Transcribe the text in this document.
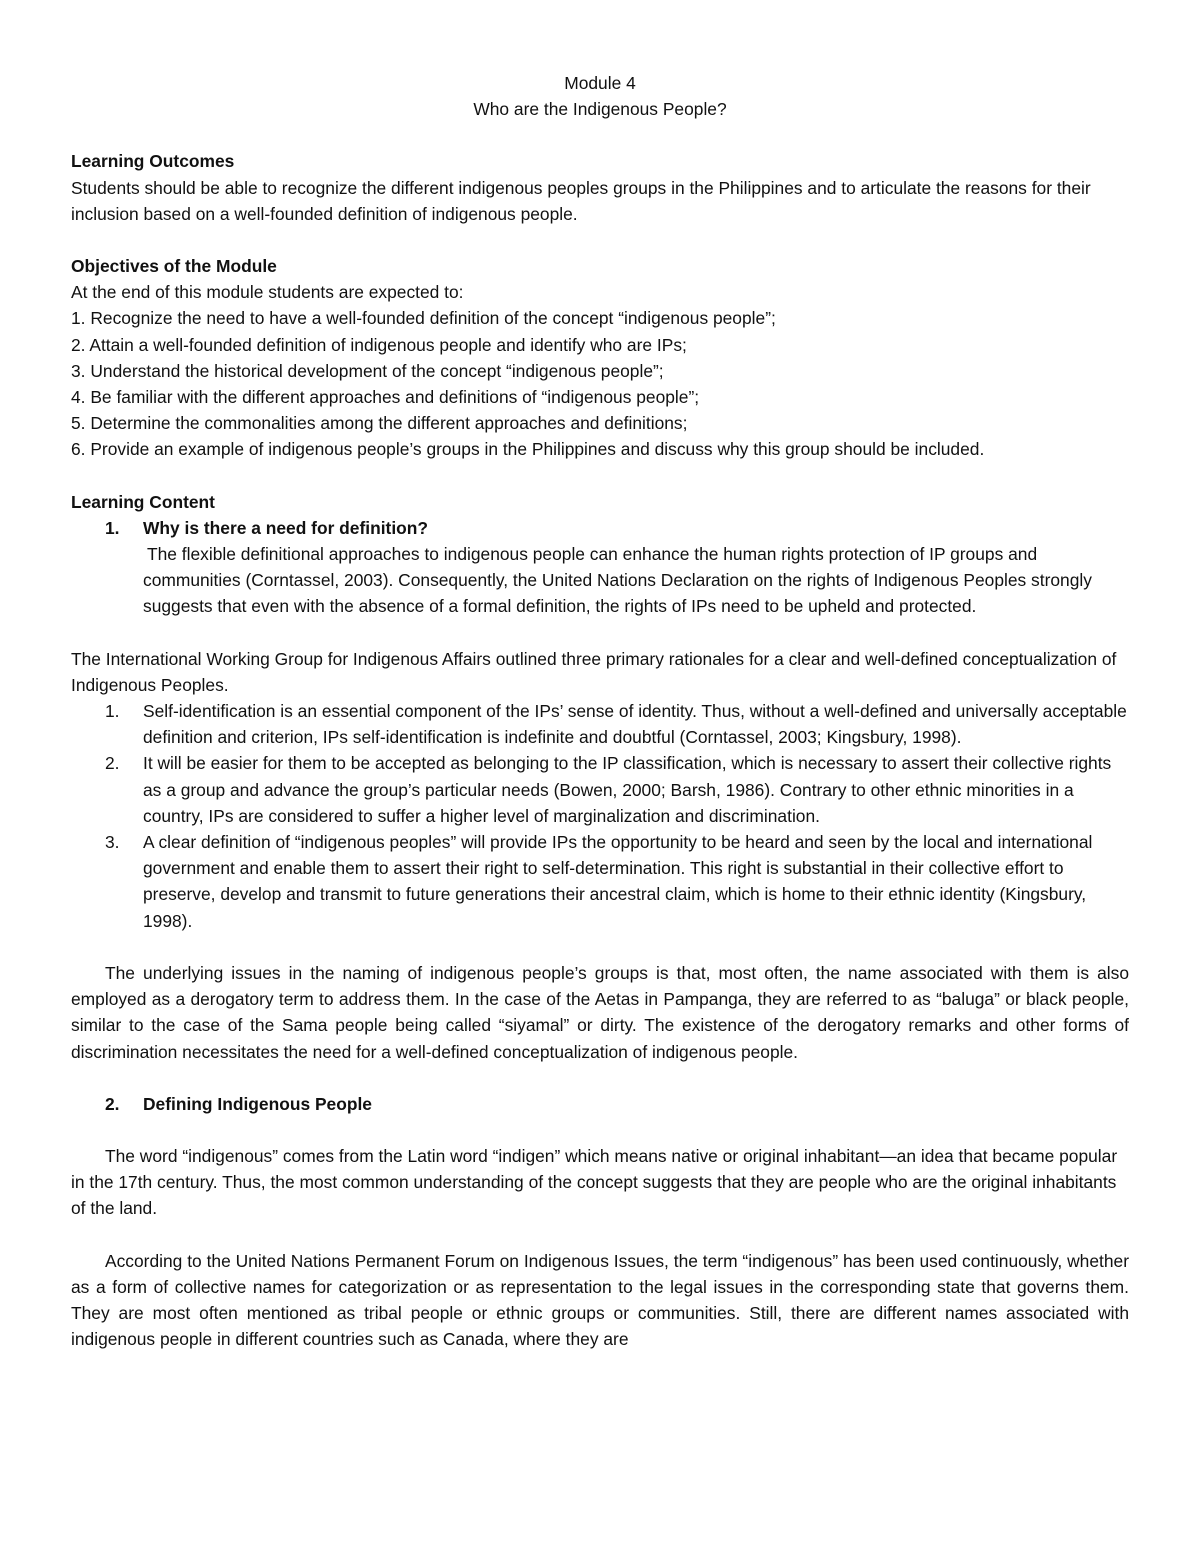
Module 4

Who are the Indigenous People?

Learning Outcomes

Students should be able to recognize the different indigenous peoples groups in the Philippines and to articulate the reasons for their inclusion based on a well-founded definition of indigenous people.

Objectives of the Module

At the end of this module students are expected to:

1. Recognize the need to have a well-founded definition of the concept “indigenous people”;

2. Attain a well-founded definition of indigenous people and identify who are IPs;

3. Understand the historical development of the concept “indigenous people”;

4. Be familiar with the different approaches and definitions of “indigenous people”;

5. Determine the commonalities among the different approaches and definitions;

6. Provide an example of indigenous people’s groups in the Philippines and discuss why this group should be included.

Learning Content

1. Why is there a need for definition?

The flexible definitional approaches to indigenous people can enhance the human rights protection of IP groups and communities (Corntassel, 2003). Consequently, the United Nations Declaration on the rights of Indigenous Peoples strongly suggests that even with the absence of a formal definition, the rights of IPs need to be upheld and protected.

The International Working Group for Indigenous Affairs outlined three primary rationales for a clear and well-defined conceptualization of Indigenous Peoples.

1. Self-identification is an essential component of the IPs’ sense of identity. Thus, without a well-defined and universally acceptable definition and criterion, IPs self-identification is indefinite and doubtful (Corntassel, 2003; Kingsbury, 1998).
2. It will be easier for them to be accepted as belonging to the IP classification, which is necessary to assert their collective rights as a group and advance the group’s particular needs (Bowen, 2000; Barsh, 1986). Contrary to other ethnic minorities in a country, IPs are considered to suffer a higher level of marginalization and discrimination.
3. A clear definition of “indigenous peoples” will provide IPs the opportunity to be heard and seen by the local and international government and enable them to assert their right to self-determination. This right is substantial in their collective effort to preserve, develop and transmit to future generations their ancestral claim, which is home to their ethnic identity (Kingsbury, 1998).

The underlying issues in the naming of indigenous people’s groups is that, most often, the name associated with them is also employed as a derogatory term to address them. In the case of the Aetas in Pampanga, they are referred to as “baluga” or black people, similar to the case of the Sama people being called “siyamal” or dirty. The existence of the derogatory remarks and other forms of discrimination necessitates the need for a well-defined conceptualization of indigenous people.

2. Defining Indigenous People

The word “indigenous” comes from the Latin word “indigen” which means native or original inhabitant—an idea that became popular in the 17th century. Thus, the most common understanding of the concept suggests that they are people who are the original inhabitants of the land.

According to the United Nations Permanent Forum on Indigenous Issues, the term “indigenous” has been used continuously, whether as a form of collective names for categorization or as representation to the legal issues in the corresponding state that governs them. They are most often mentioned as tribal people or ethnic groups or communities. Still, there are different names associated with indigenous people in different countries such as Canada, where they are
